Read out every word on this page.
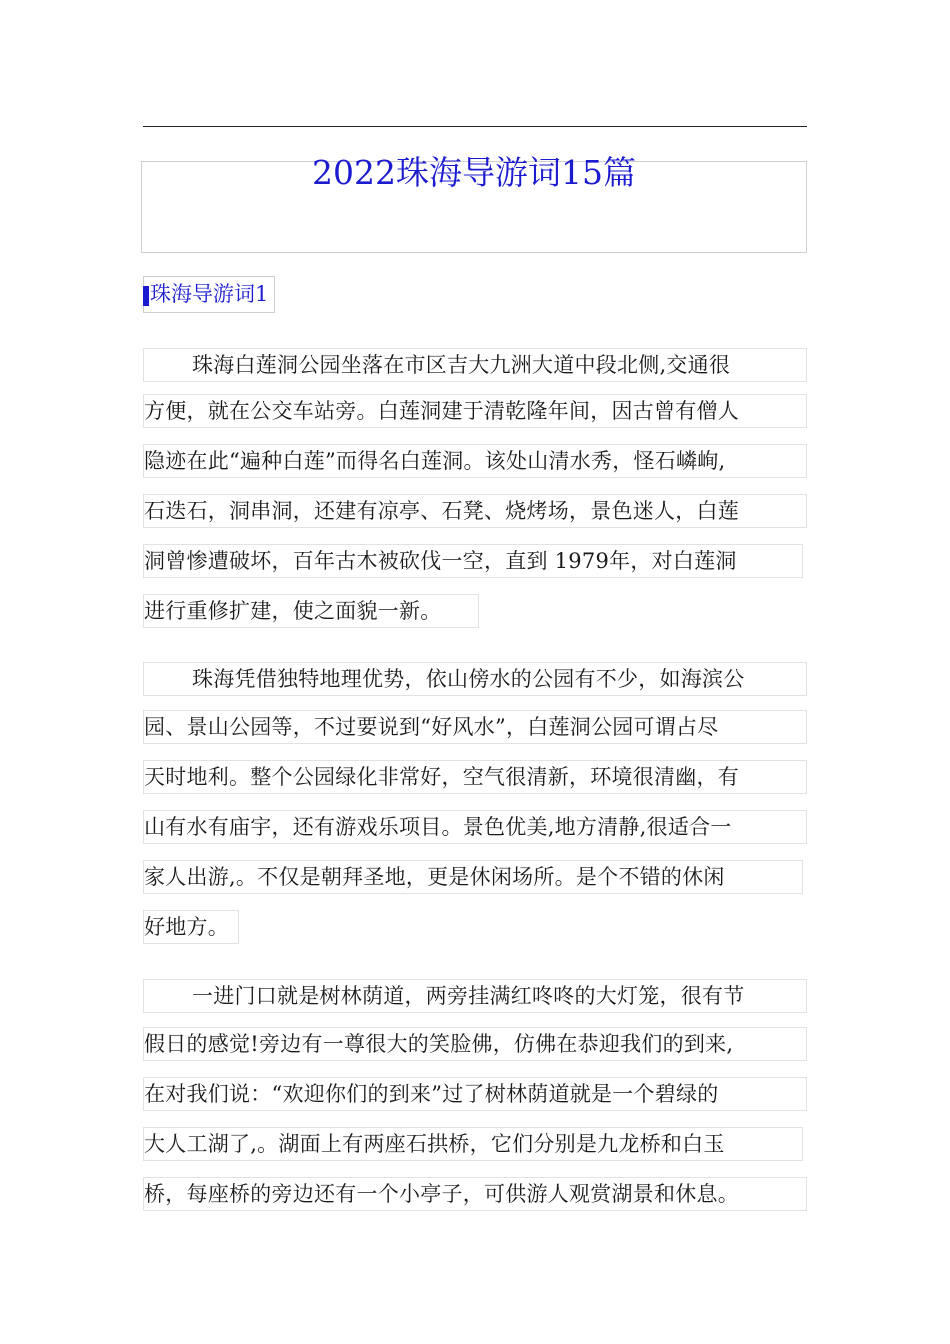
2022珠海导游词15篇
珠海导游词1
珠海白莲洞公园坐落在市区吉大九洲大道中段北侧,交通很
方便，就在公交车站旁。白莲洞建于清乾隆年间，因古曾有僧人
隐迹在此“遍种白莲”而得名白莲洞。该处山清水秀，怪石嶙峋,
石迭石，洞串洞，还建有凉亭、石凳、烧烤场，景色迷人，白莲
洞曾惨遭破坏，百年古木被砍伐一空，直到 1979年，对白莲洞
进行重修扩建，使之面貌一新。
珠海凭借独特地理优势，依山傍水的公园有不少，如海滨公
园、景山公园等，不过要说到“好风水”，白莲洞公园可谓占尽
天时地利。整个公园绿化非常好，空气很清新，环境很清幽，有
山有水有庙宇，还有游戏乐项目。景色优美,地方清静,很适合一
家人出游,。不仅是朝拜圣地，更是休闲场所。是个不错的休闲
好地方。
一进门口就是树林荫道，两旁挂满红咚咚的大灯笼，很有节
假日的感觉!旁边有一尊很大的笑脸佛，仿佛在恭迎我们的到来,
在对我们说：“欢迎你们的到来”过了树林荫道就是一个碧绿的
大人工湖了,。湖面上有两座石拱桥，它们分别是九龙桥和白玉
桥，每座桥的旁边还有一个小亭子，可供游人观赏湖景和休息。
